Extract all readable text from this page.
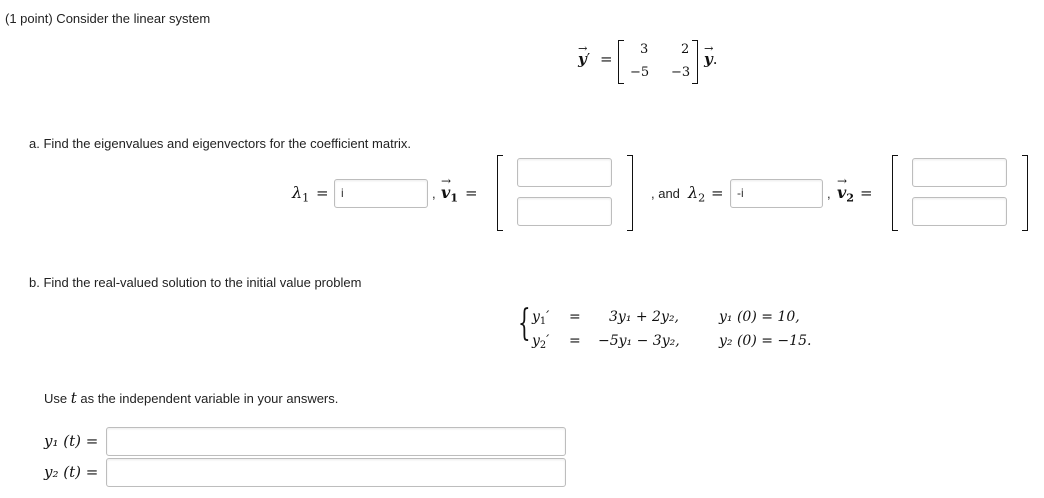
(1 point) Consider the linear system
→ y′ =
3	2
−5 −3
→ y.
a. Find the eigenvalues and eigenvectors for the coefficient matrix.
$\lambda_1$ =	i	, → $v_1$ =	, and $\lambda_2$ =	-i	, → $v_2$ =
b. Find the real-valued solution to the initial value problem
{ $y_1' = 3y_1 + 2y_2$,	y₁ (0) = 10,
$y_2' = -5y_1 - 3y_2$,	y₂ (0) = −15.
Use t as the independent variable in your answers.
y₁ (t) =
y₂ (t) =
